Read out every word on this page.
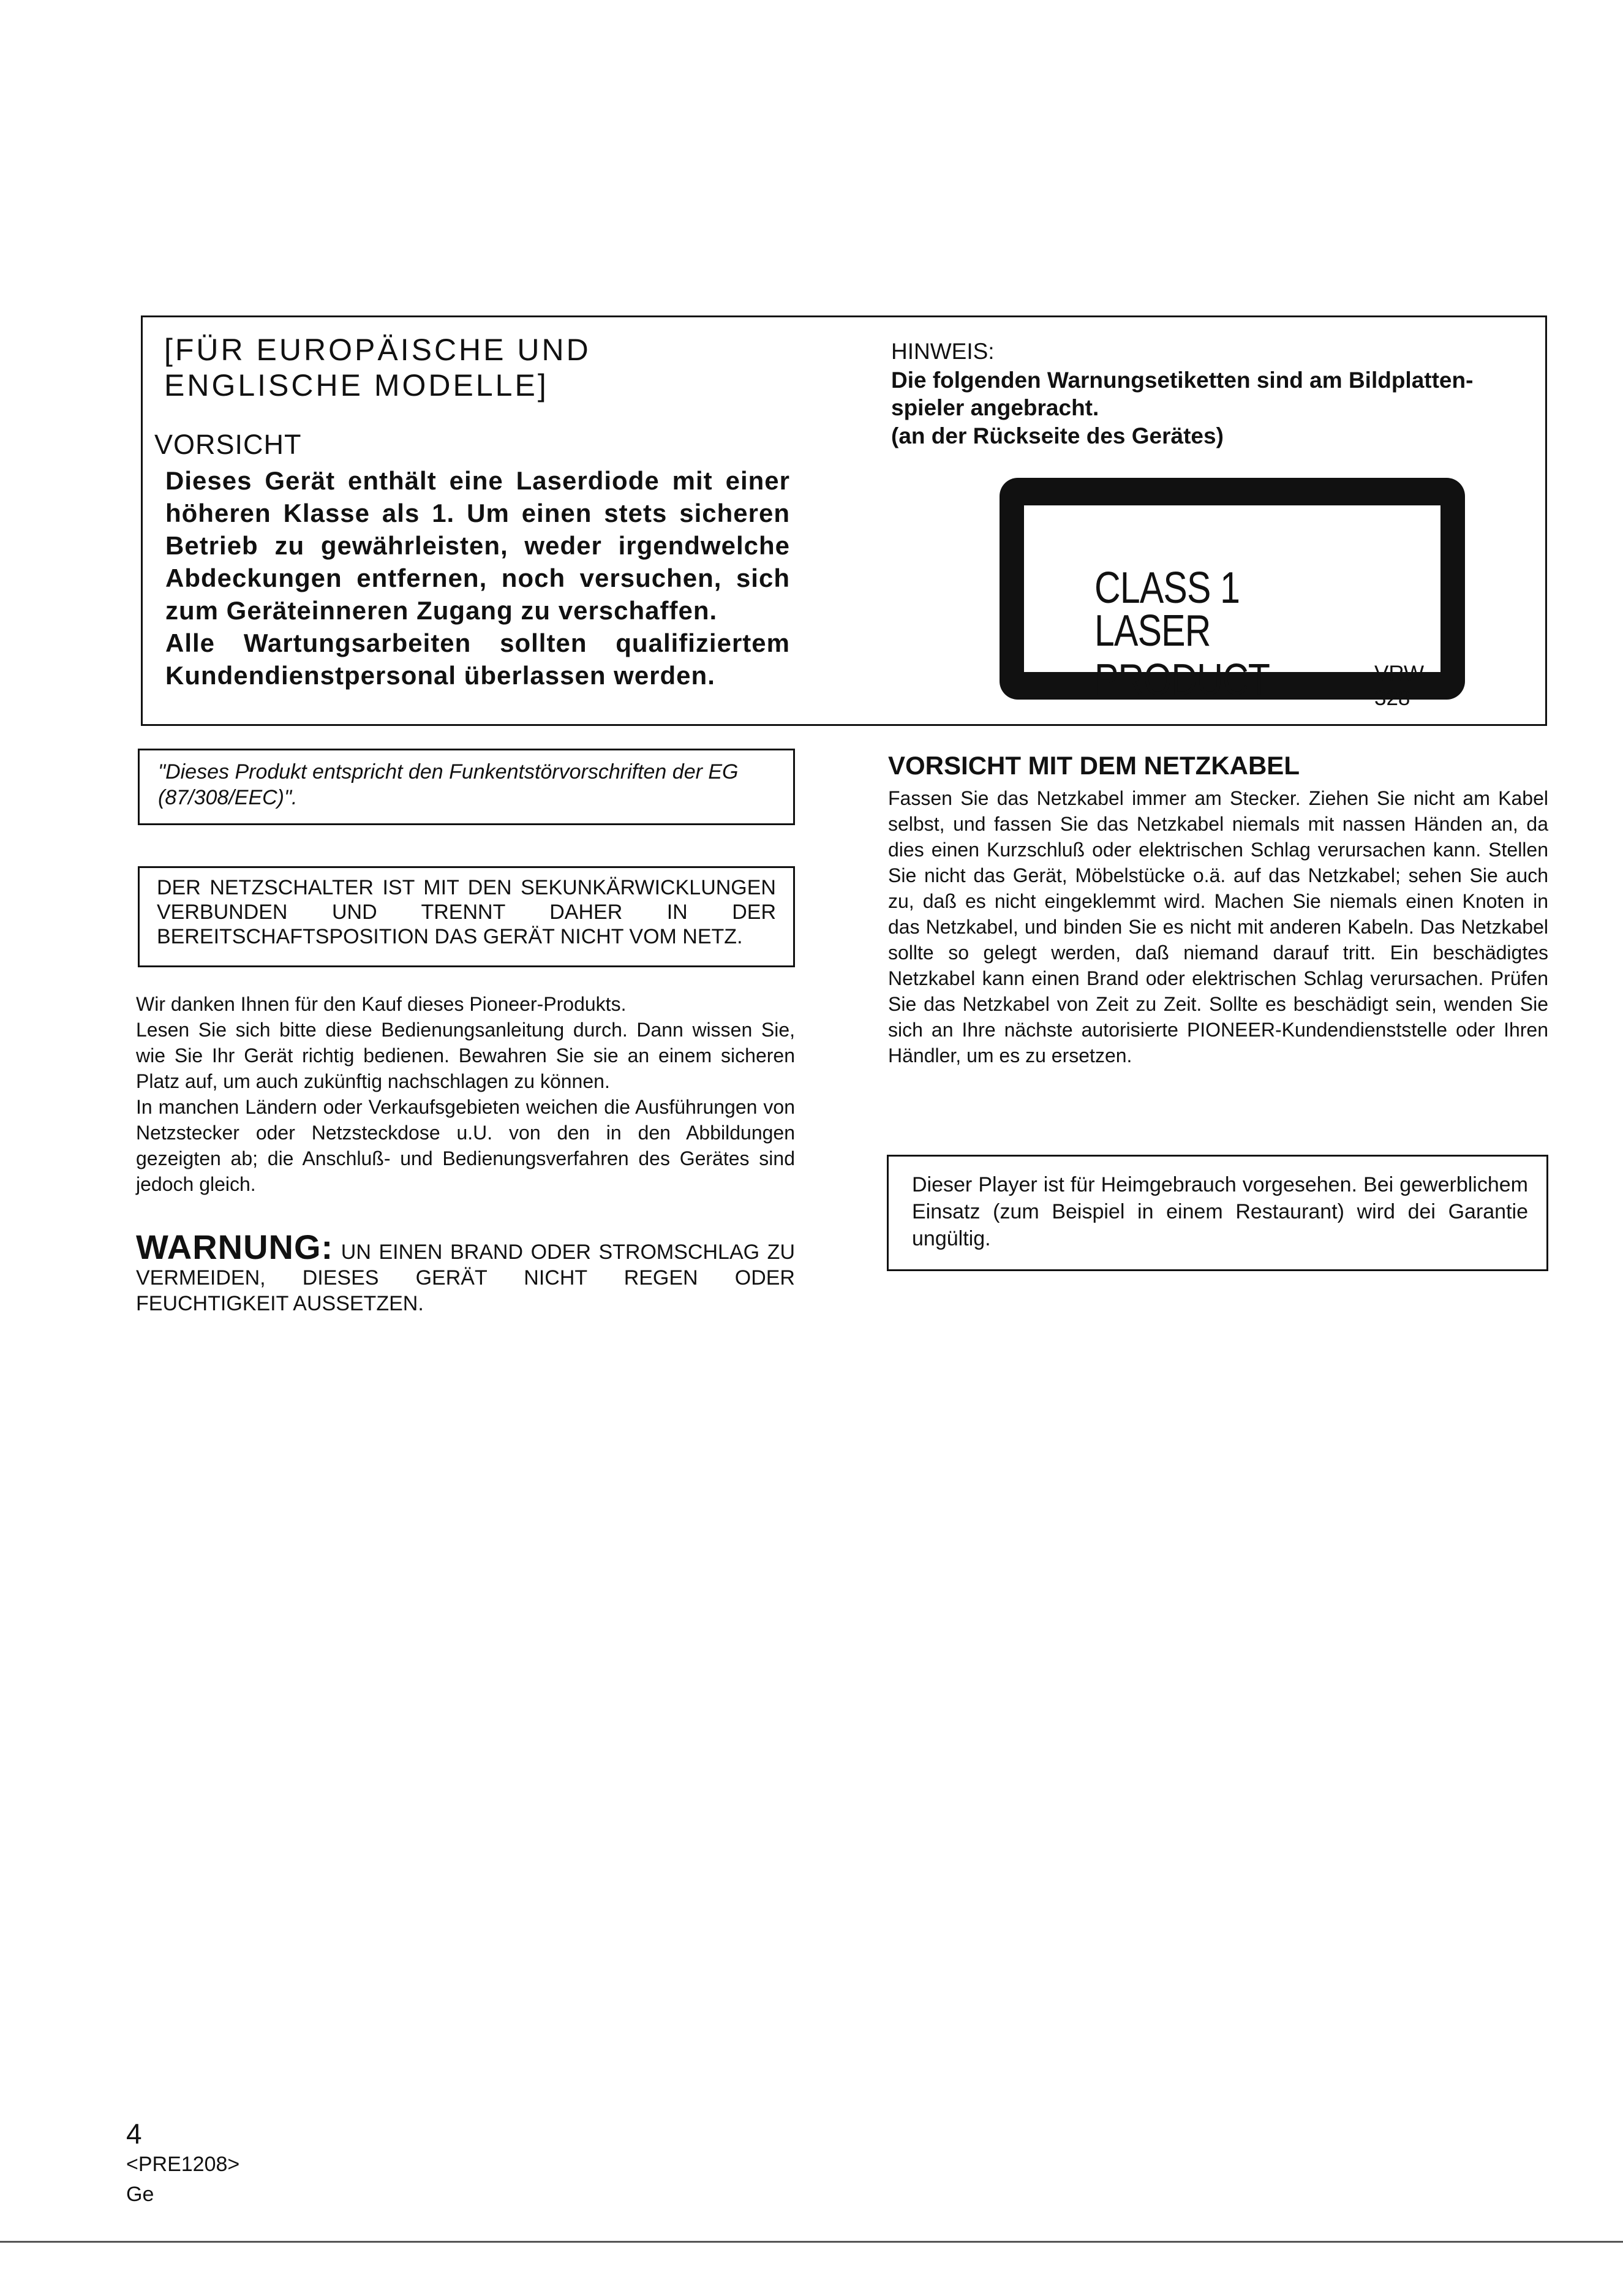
[FÜR EUROPÄISCHE UND ENGLISCHE MODELLE]
VORSICHT

Dieses Gerät enthält eine Laserdiode mit einer höheren Klasse als 1. Um einen stets sicheren Betrieb zu gewährleisten, weder irgendwelche Abdeckungen entfernen, noch versuchen, sich zum Geräteinneren Zugang zu verschaffen.

Alle Wartungsarbeiten sollten qualifiziertem Kundendienstpersonal überlassen werden.

HINWEIS:
Die folgenden Warnungsetiketten sind am Bildplatten-spieler angebracht.
(an der Rückseite des Gerätes)
CLASS 1
LASER PRODUCT	VRW-328
"Dieses Produkt entspricht den Funkentstörvorschriften der EG (87/308/EEC)".
DER NETZSCHALTER IST MIT DEN SEKUNKÄRWICKLUNGEN VERBUNDEN UND TRENNT DAHER IN DER BEREITSCHAFTSPOSITION DAS GERÄT NICHT VOM NETZ.

Wir danken Ihnen für den Kauf dieses Pioneer-Produkts.

Lesen Sie sich bitte diese Bedienungsanleitung durch. Dann wissen Sie, wie Sie Ihr Gerät richtig bedienen. Bewahren Sie sie an einem sicheren Platz auf, um auch zukünftig nachschlagen zu können.

In manchen Ländern oder Verkaufsgebieten weichen die Ausführungen von Netzstecker oder Netzsteckdose u.U. von den in den Abbildungen gezeigten ab; die Anschluß- und Bedienungsverfahren des Gerätes sind jedoch gleich.

WARNUNG: UN EINEN BRAND ODER STROMSCHLAG ZU VERMEIDEN, DIESES GERÄT NICHT REGEN ODER FEUCHTIGKEIT AUSSETZEN.
VORSICHT MIT DEM NETZKABEL
Fassen Sie das Netzkabel immer am Stecker. Ziehen Sie nicht am Kabel selbst, und fassen Sie das Netzkabel niemals mit nassen Händen an, da dies einen Kurzschluß oder elektrischen Schlag verursachen kann. Stellen Sie nicht das Gerät, Möbelstücke o.ä. auf das Netzkabel; sehen Sie auch zu, daß es nicht eingeklemmt wird. Machen Sie niemals einen Knoten in das Netzkabel, und binden Sie es nicht mit anderen Kabeln. Das Netzkabel sollte so gelegt werden, daß niemand darauf tritt. Ein beschädigtes Netzkabel kann einen Brand oder elektrischen Schlag verursachen. Prüfen Sie das Netzkabel von Zeit zu Zeit. Sollte es beschädigt sein, wenden Sie sich an Ihre nächste autorisierte PIONEER-Kundendienststelle oder Ihren Händler, um es zu ersetzen.
Dieser Player ist für Heimgebrauch vorgesehen. Bei gewerblichem Einsatz (zum Beispiel in einem Restaurant) wird dei Garantie ungültig.
4
<PRE1208>
Ge
